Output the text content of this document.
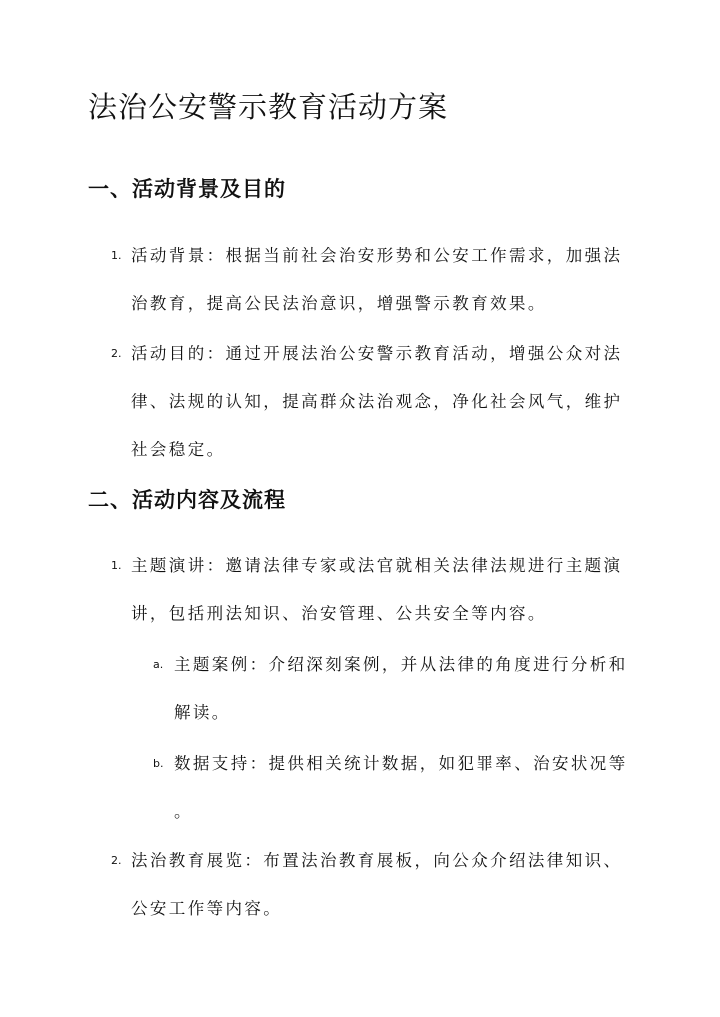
法治公安警示教育活动方案
一、活动背景及目的
1. 活动背景：根据当前社会治安形势和公安工作需求，加强法
治教育，提高公民法治意识，增强警示教育效果。
2. 活动目的：通过开展法治公安警示教育活动，增强公众对法
律、法规的认知，提高群众法治观念，净化社会风气，维护
社会稳定。
二、活动内容及流程
1. 主题演讲：邀请法律专家或法官就相关法律法规进行主题演
讲，包括刑法知识、治安管理、公共安全等内容。
a. 主题案例：介绍深刻案例，并从法律的角度进行分析和
解读。
b. 数据支持：提供相关统计数据，如犯罪率、治安状况等
。
2. 法治教育展览：布置法治教育展板，向公众介绍法律知识、
公安工作等内容。
